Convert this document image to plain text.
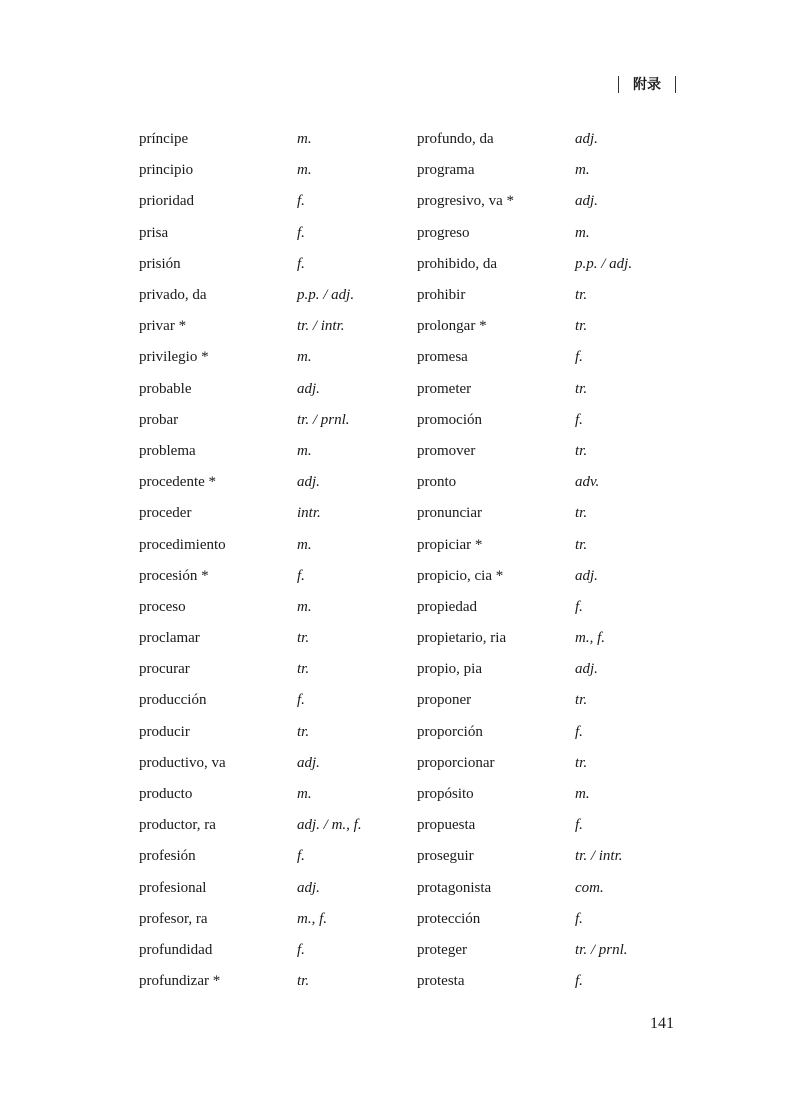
附录
príncipe	m.
principio	m.
prioridad	f.
prisa	f.
prisión	f.
privado, da	p.p. / adj.
privar *	tr. / intr.
privilegio *	m.
probable	adj.
probar	tr. / prnl.
problema	m.
procedente *	adj.
proceder	intr.
procedimiento	m.
procesión *	f.
proceso	m.
proclamar	tr.
procurar	tr.
producción	f.
producir	tr.
productivo, va	adj.
producto	m.
productor, ra	adj. / m., f.
profesión	f.
profesional	adj.
profesor, ra	m., f.
profundidad	f.
profundizar *	tr.
profundo, da	adj.
programa	m.
progresivo, va *	adj.
progreso	m.
prohibido, da	p.p. / adj.
prohibir	tr.
prolongar *	tr.
promesa	f.
prometer	tr.
promoción	f.
promover	tr.
pronto	adv.
pronunciar	tr.
propiciar *	tr.
propicio, cia *	adj.
propiedad	f.
propietario, ria	m., f.
propio, pia	adj.
proponer	tr.
proporción	f.
proporcionar	tr.
propósito	m.
propuesta	f.
proseguir	tr. / intr.
protagonista	com.
protección	f.
proteger	tr. / prnl.
protesta	f.
141
